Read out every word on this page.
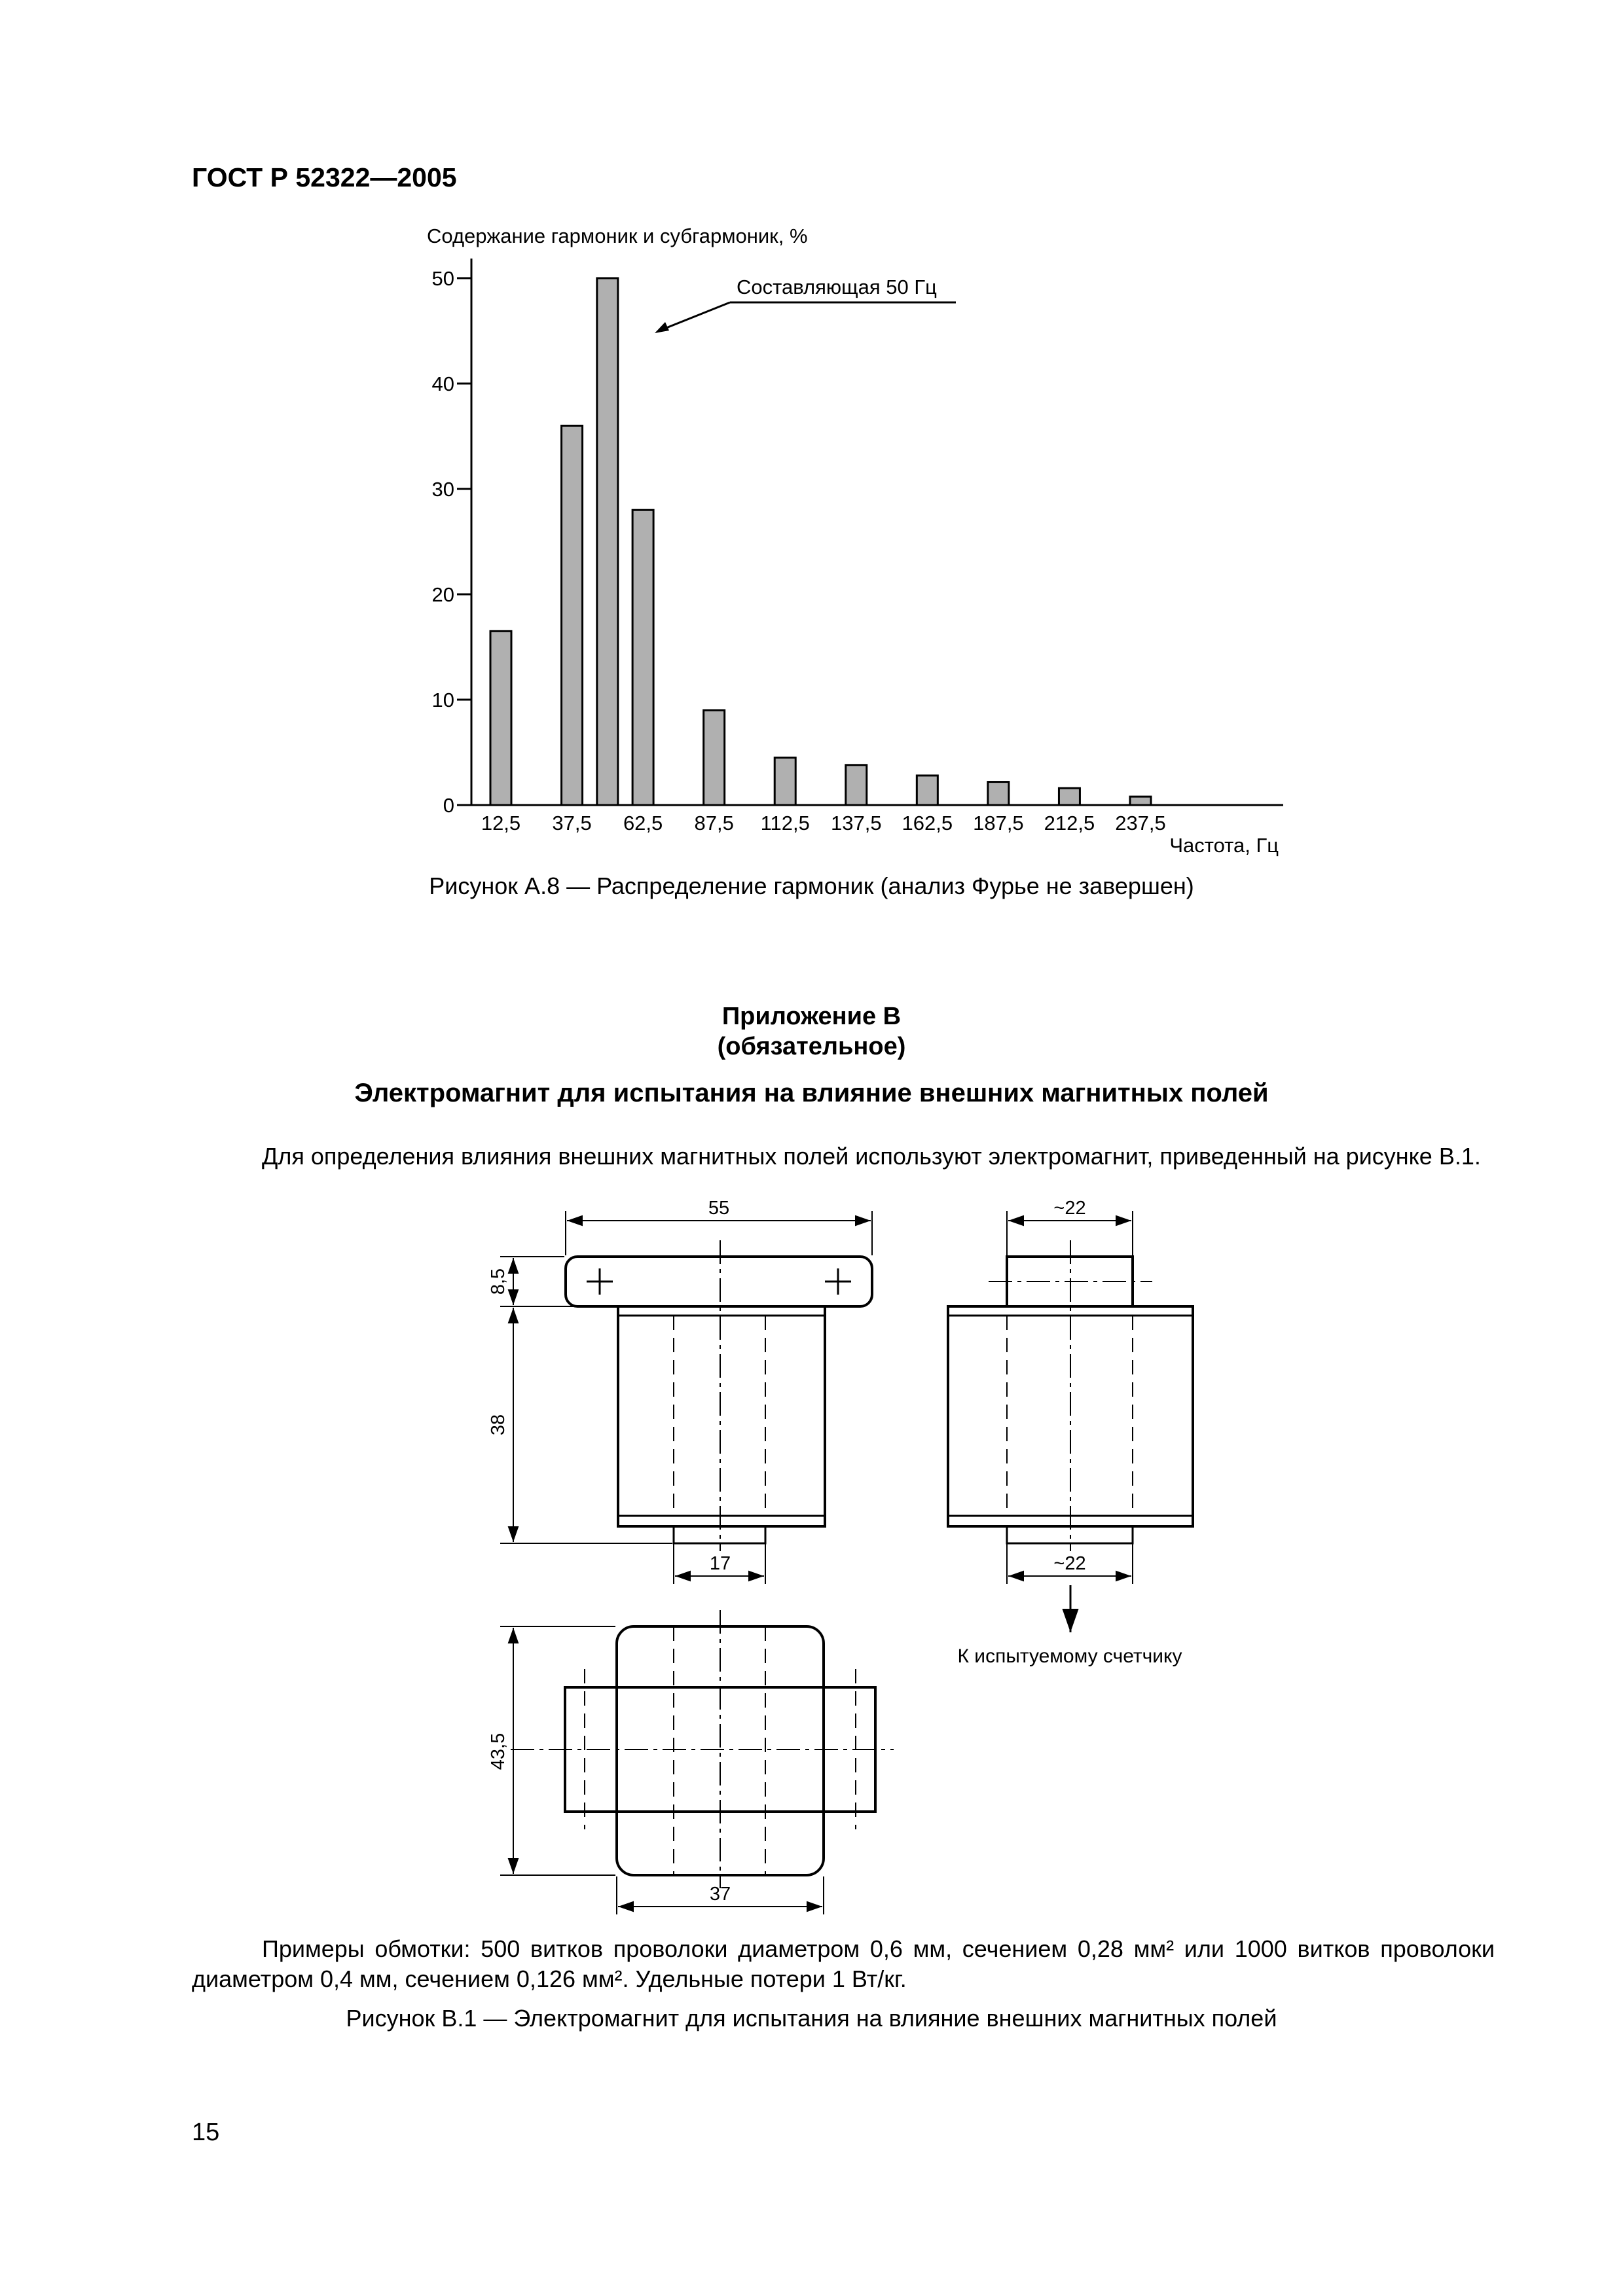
ГОСТ Р 52322—2005
Содержание гармоник и субгармоник, %
0
10
20
30
40
50
12,5 37,5 62,5 87,5 112,5 137,5 162,5 187,5 212,5 237,5
Частота, Гц
Составляющая 50 Гц
Рисунок А.8 — Распределение гармоник (анализ Фурье не завершен)
Приложение В
(обязательное)
Электромагнит для испытания на влияние внешних магнитных полей
Для определения влияния внешних магнитных полей используют электромагнит, приведенный на рисунке В.1.
55
8,5
38
17
~22
~22
К испытуемому счетчику
43,5
37

Примеры обмотки: 500 витков проволоки диаметром 0,6 мм, сечением 0,28 мм² или 1000 витков проволоки

диаметром 0,4 мм, сечением 0,126 мм². Удельные потери 1 Вт/кг.

Рисунок В.1 — Электромагнит для испытания на влияние внешних магнитных полей
15
